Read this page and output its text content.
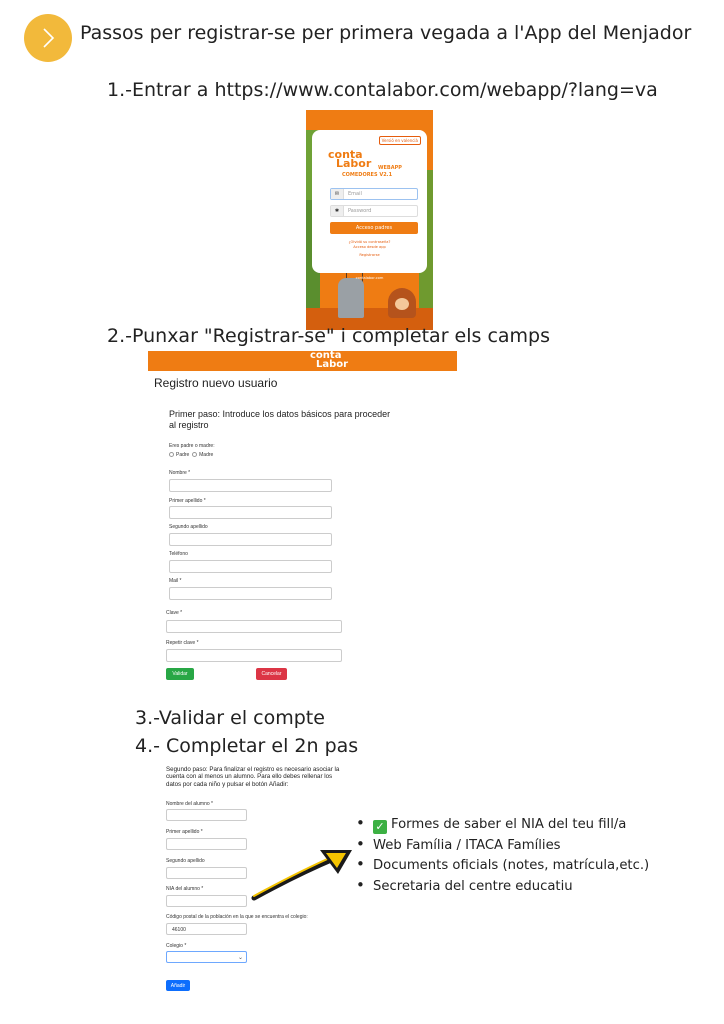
Passos per registrar-se per primera vegada a l'App del Menjador
1.-Entrar a https://www.contalabor.com/webapp/?lang=va
Versió en valencià
conta
Labor WEBAPP
COMEDORES V2.1
✉	Email
✱	Password
Acceso padres
¿Olvidó su contraseña?
Acceso desde app
Registrarse
contalabor.com
2.-Punxar "Registrar-se" i completar els camps
conta
Labor
Registro nuevo usuario
Primer paso: Introduce los datos básicos para proceder al registro
Eres padre o madre:
Padre Madre
Nombre *
Primer apellido *
Segundo apellido
Teléfono
Mail *
Clave *
Repetir clave *
Validar	Cancelar
3.-Validar el compte
4.- Completar el 2n pas
Segundo paso: Para finalizar el registro es necesario asociar la cuenta con al menos un alumno. Para ello debes rellenar los datos por cada niño y pulsar el botón Añadir:
Nombre del alumno *
Primer apellido *
Segundo apellido
NIA del alumno *
Código postal de la población en la que se encuentra el colegio:
46100
Colegio *
⌄
Añadir
• ✓ Formes de saber el NIA del teu fill/a
• Web Família / ITACA Famílies
• Documents oficials (notes, matrícula,etc.)
• Secretaria del centre educatiu
